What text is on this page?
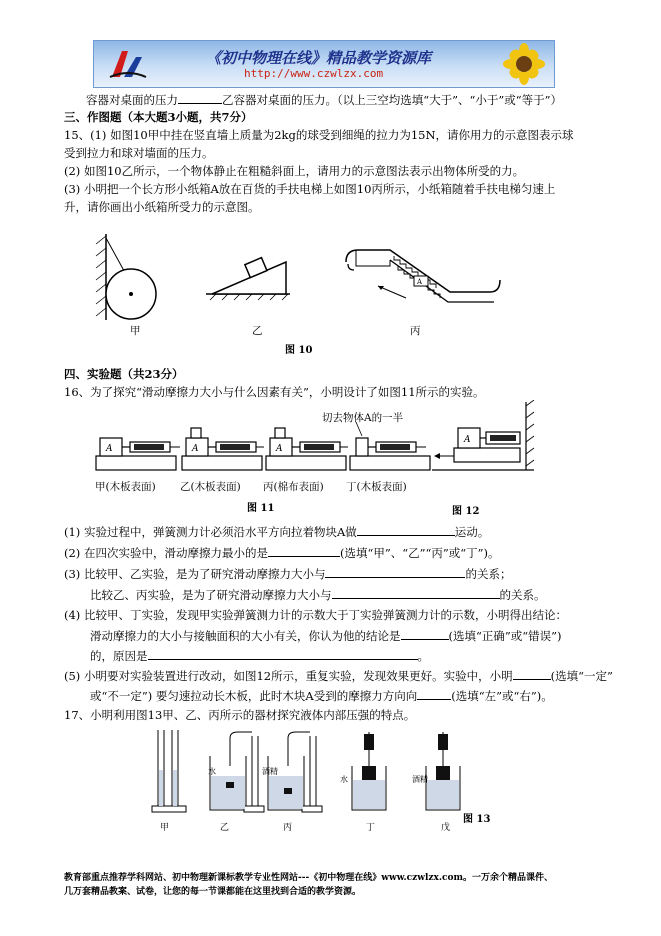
《初中物理在线》精品教学资源库
http://www.czwlzx.com
容器对桌面的压力	乙容器对桌面的压力。（以上三空均选填“大于”、“小于”或“等于”）
三、作图题（本大题3小题，共7分）
15、(1) 如图10甲中挂在竖直墙上质量为2kg的球受到细绳的拉力为15N，请你用力的示意图表示球
受到拉力和球对墙面的压力。
(2) 如图10乙所示，一个物体静止在粗糙斜面上，请用力的示意图法表示出物体所受的力。
(3) 小明把一个长方形小纸箱A放在百货的手扶电梯上如图10丙所示，小纸箱随着手扶电梯匀速上
升，请你画出小纸箱所受力的示意图。
甲	乙
A
丙
图 10
四、实验题（共23分）
16、为了探究“滑动摩擦力大小与什么因素有关”，小明设计了如图11所示的实验。
A	A	A
切去物体A的一半
甲(木板表面) 乙(木板表面) 丙(棉布表面) 丁(木板表面)
图 11
A
图 12
(1) 实验过程中，弹簧测力计必须沿水平方向拉着物块A做	运动。
(2) 在四次实验中，滑动摩擦力最小的是	(选填“甲”、“乙”“丙”或“丁”)。
(3) 比较甲、乙实验，是为了研究滑动摩擦力大小与	的关系；
比较乙、丙实验，是为了研究滑动摩擦力大小与	的关系。
(4) 比较甲、丁实验，发现甲实验弹簧测力计的示数大于丁实验弹簧测力计的示数，小明得出结论：
滑动摩擦力的大小与接触面积的大小有关，你认为他的结论是	(选填“正确”或“错误”)
的，原因是	。
(5) 小明要对实验装置进行改动，如图12所示，重复实验，发现效果更好。实验中，小明	(选填“一定”
或“不一定”) 要匀速拉动长木板，此时木块A受到的摩擦力方向向	(选填“左”或“右”)。
17、小明利用图13甲、乙、丙所示的器材探究液体内部压强的特点。
水	酒精
水	酒精
甲	乙	丙	丁	戊
图 13
教育部重点推荐学科网站、初中物理新课标教学专业性网站---《初中物理在线》www.czwlzx.com。一万余个精品课件、
几万套精品教案、试卷，让您的每一节课都能在这里找到合适的教学资源。
